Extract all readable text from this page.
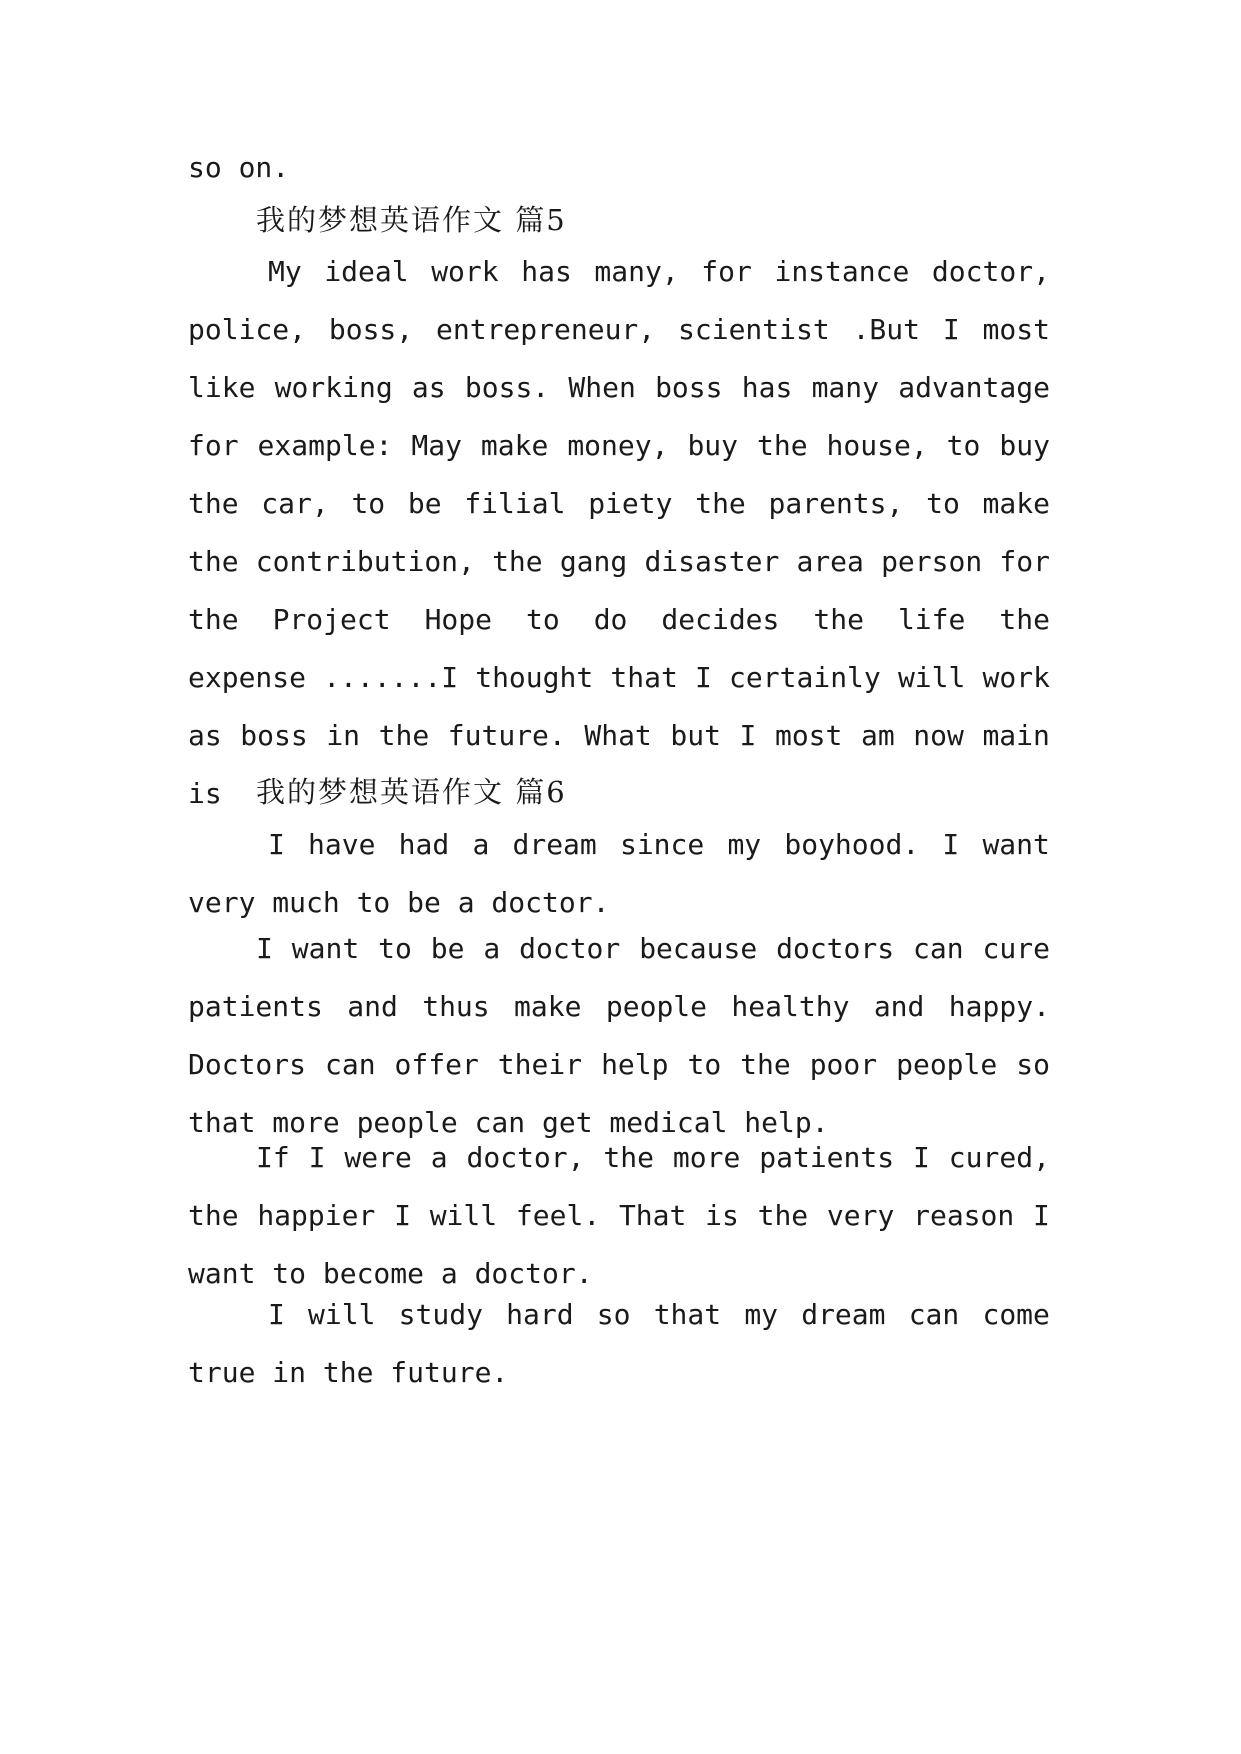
so on.
我的梦想英语作文 篇5
My ideal work has many, for instance doctor,
police, boss, entrepreneur, scientist .But I most
like working as boss. When boss has many advantage
for example: May make money, buy the house, to buy
the car, to be filial piety the parents, to make
the contribution, the gang disaster area person for
the Project Hope to do decides the life the
expense .......I thought that I certainly will work
as boss in the future. What but I most am now main
is	我的梦想英语作文 篇6
I have had a dream since my boyhood. I want
very much to be a doctor.
I want to be a doctor because doctors can cure
patients and thus make people healthy and happy.
Doctors can offer their help to the poor people so
that more people can get medical help.
If I were a doctor, the more patients I cured,
the happier I will feel. That is the very reason I
want to become a doctor.
I will study hard so that my dream can come
true in the future.
